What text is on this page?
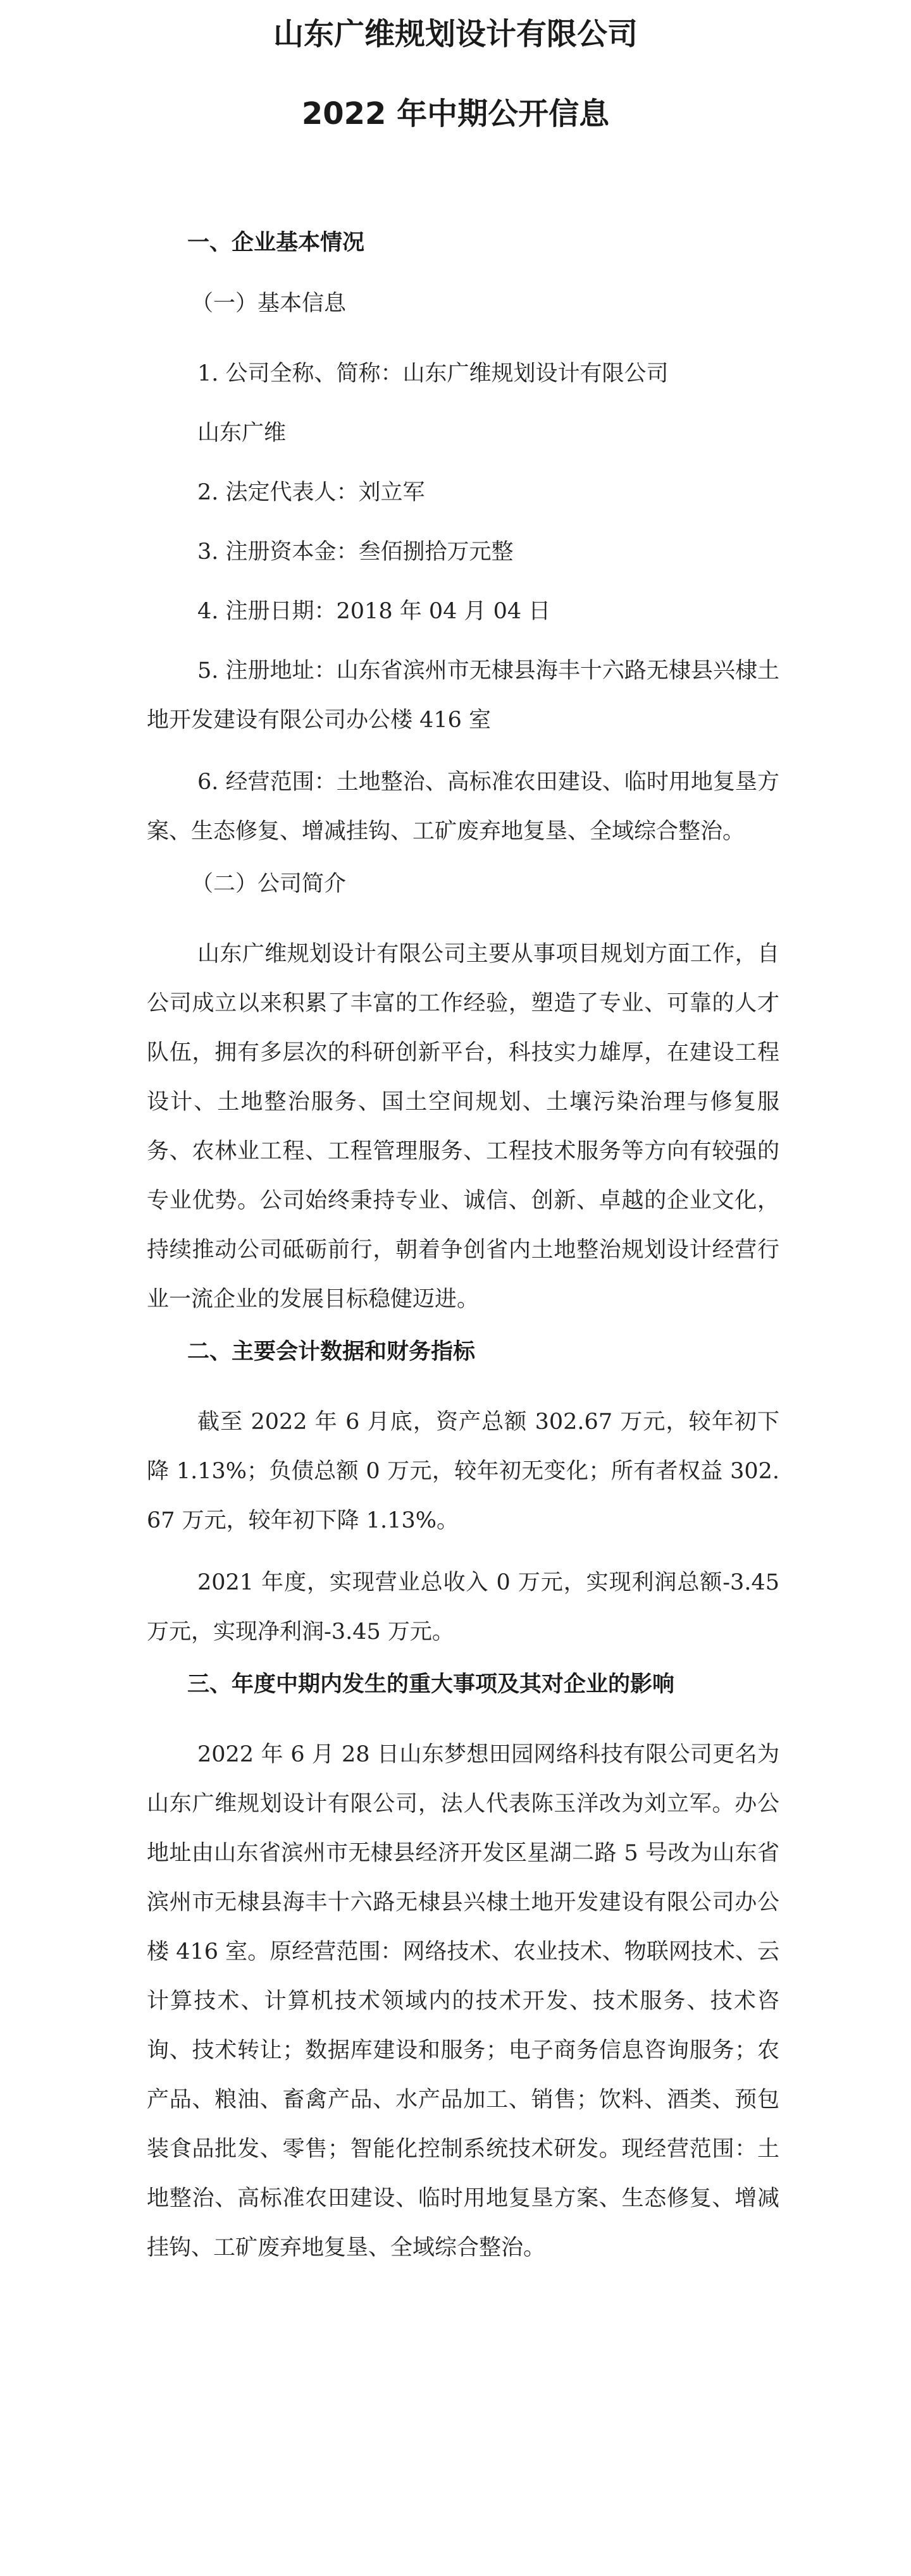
山东广维规划设计有限公司
2022 年中期公开信息
一、企业基本情况
（一）基本信息

1. 公司全称、简称：山东广维规划设计有限公司

山东广维

2. 法定代表人：刘立军

3. 注册资本金：叁佰捌拾万元整

4. 注册日期：2018 年 04 月 04 日

5. 注册地址：山东省滨州市无棣县海丰十六路无棣县兴棣土地开发建设有限公司办公楼 416 室

6. 经营范围：土地整治、高标准农田建设、临时用地复垦方案、生态修复、增减挂钩、工矿废弃地复垦、全域综合整治。

（二）公司简介

山东广维规划设计有限公司主要从事项目规划方面工作，自公司成立以来积累了丰富的工作经验，塑造了专业、可靠的人才队伍，拥有多层次的科研创新平台，科技实力雄厚，在建设工程设计、土地整治服务、国土空间规划、土壤污染治理与修复服务、农林业工程、工程管理服务、工程技术服务等方向有较强的专业优势。公司始终秉持专业、诚信、创新、卓越的企业文化，持续推动公司砥砺前行，朝着争创省内土地整治规划设计经营行业一流企业的发展目标稳健迈进。

二、主要会计数据和财务指标

截至 2022 年 6 月底，资产总额 302.67 万元，较年初下降 1.13%；负债总额 0 万元，较年初无变化；所有者权益 302.67 万元，较年初下降 1.13%。

2021 年度，实现营业总收入 0 万元，实现利润总额-3.45 万元，实现净利润-3.45 万元。

三、年度中期内发生的重大事项及其对企业的影响

2022 年 6 月 28 日山东梦想田园网络科技有限公司更名为山东广维规划设计有限公司，法人代表陈玉洋改为刘立军。办公地址由山东省滨州市无棣县经济开发区星湖二路 5 号改为山东省滨州市无棣县海丰十六路无棣县兴棣土地开发建设有限公司办公楼 416 室。原经营范围：网络技术、农业技术、物联网技术、云计算技术、计算机技术领域内的技术开发、技术服务、技术咨询、技术转让；数据库建设和服务；电子商务信息咨询服务；农产品、粮油、畜禽产品、水产品加工、销售；饮料、酒类、预包装食品批发、零售；智能化控制系统技术研发。现经营范围：土地整治、高标准农田建设、临时用地复垦方案、生态修复、增减挂钩、工矿废弃地复垦、全域综合整治。
